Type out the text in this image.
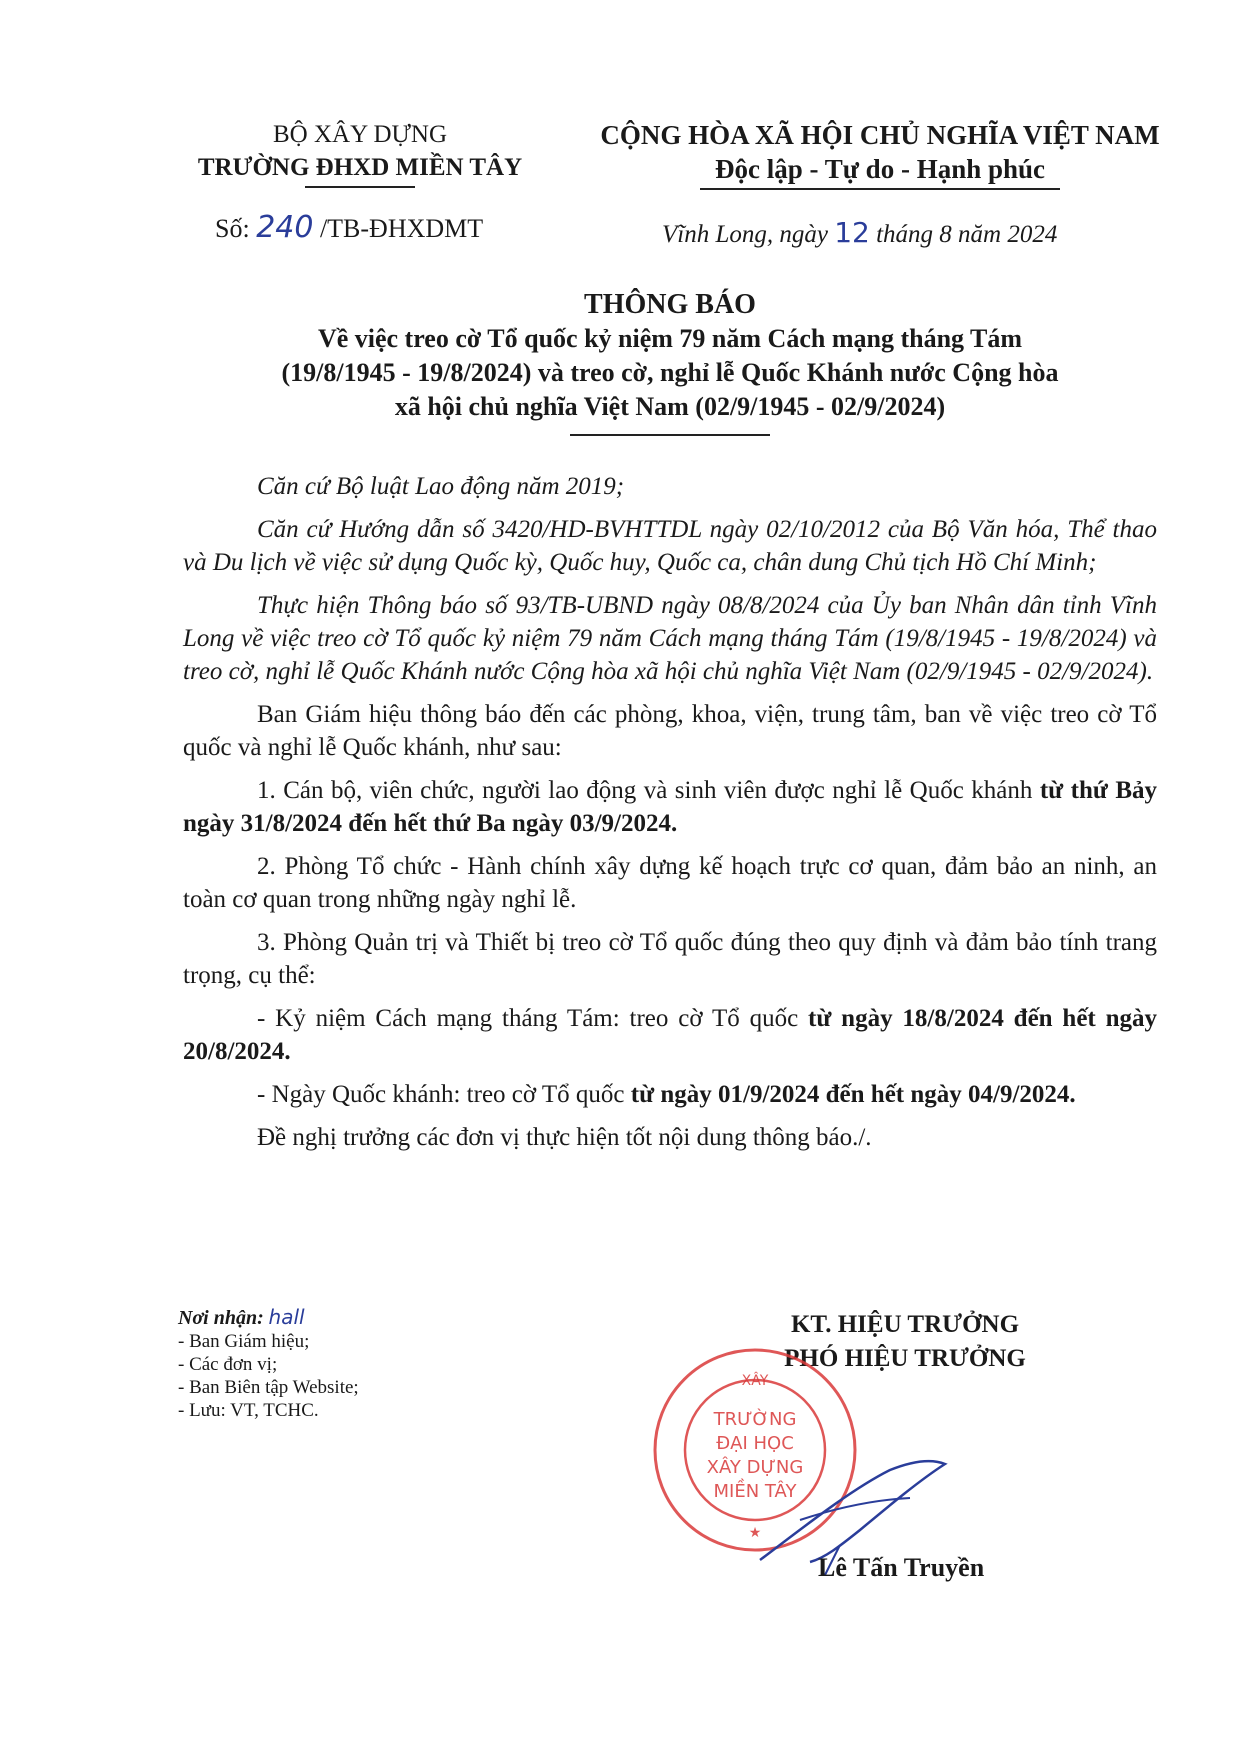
BỘ XÂY DỰNG
TRƯỜNG ĐHXD MIỀN TÂY
CỘNG HÒA XÃ HỘI CHỦ NGHĨA VIỆT NAM
Độc lập - Tự do - Hạnh phúc
Số: 240 /TB-ĐHXDMT	Vĩnh Long, ngày 12 tháng 8 năm 2024
THÔNG BÁO
Về việc treo cờ Tổ quốc kỷ niệm 79 năm Cách mạng tháng Tám
(19/8/1945 - 19/8/2024) và treo cờ, nghỉ lễ Quốc Khánh nước Cộng hòa
xã hội chủ nghĩa Việt Nam (02/9/1945 - 02/9/2024)

Căn cứ Bộ luật Lao động năm 2019;

Căn cứ Hướng dẫn số 3420/HD-BVHTTDL ngày 02/10/2012 của Bộ Văn hóa, Thể thao và Du lịch về việc sử dụng Quốc kỳ, Quốc huy, Quốc ca, chân dung Chủ tịch Hồ Chí Minh;

Thực hiện Thông báo số 93/TB-UBND ngày 08/8/2024 của Ủy ban Nhân dân tỉnh Vĩnh Long về việc treo cờ Tổ quốc kỷ niệm 79 năm Cách mạng tháng Tám (19/8/1945 - 19/8/2024) và treo cờ, nghỉ lễ Quốc Khánh nước Cộng hòa xã hội chủ nghĩa Việt Nam (02/9/1945 - 02/9/2024).

Ban Giám hiệu thông báo đến các phòng, khoa, viện, trung tâm, ban về việc treo cờ Tổ quốc và nghỉ lễ Quốc khánh, như sau:

1. Cán bộ, viên chức, người lao động và sinh viên được nghỉ lễ Quốc khánh từ thứ Bảy ngày 31/8/2024 đến hết thứ Ba ngày 03/9/2024.

2. Phòng Tổ chức - Hành chính xây dựng kế hoạch trực cơ quan, đảm bảo an ninh, an toàn cơ quan trong những ngày nghỉ lễ.

3. Phòng Quản trị và Thiết bị treo cờ Tổ quốc đúng theo quy định và đảm bảo tính trang trọng, cụ thể:

- Kỷ niệm Cách mạng tháng Tám: treo cờ Tổ quốc từ ngày 18/8/2024 đến hết ngày 20/8/2024.

- Ngày Quốc khánh: treo cờ Tổ quốc từ ngày 01/9/2024 đến hết ngày 04/9/2024.

Đề nghị trưởng các đơn vị thực hiện tốt nội dung thông báo./.

Nơi nhận: hall
- Ban Giám hiệu;
- Các đơn vị;
- Ban Biên tập Website;
- Lưu: VT, TCHC.
KT. HIỆU TRƯỞNG
PHÓ HIỆU TRƯỞNG
XÂY
TRƯỜNG
ĐẠI HỌC
XÂY DỰNG
MIỀN TÂY
★
Lê Tấn Truyền
